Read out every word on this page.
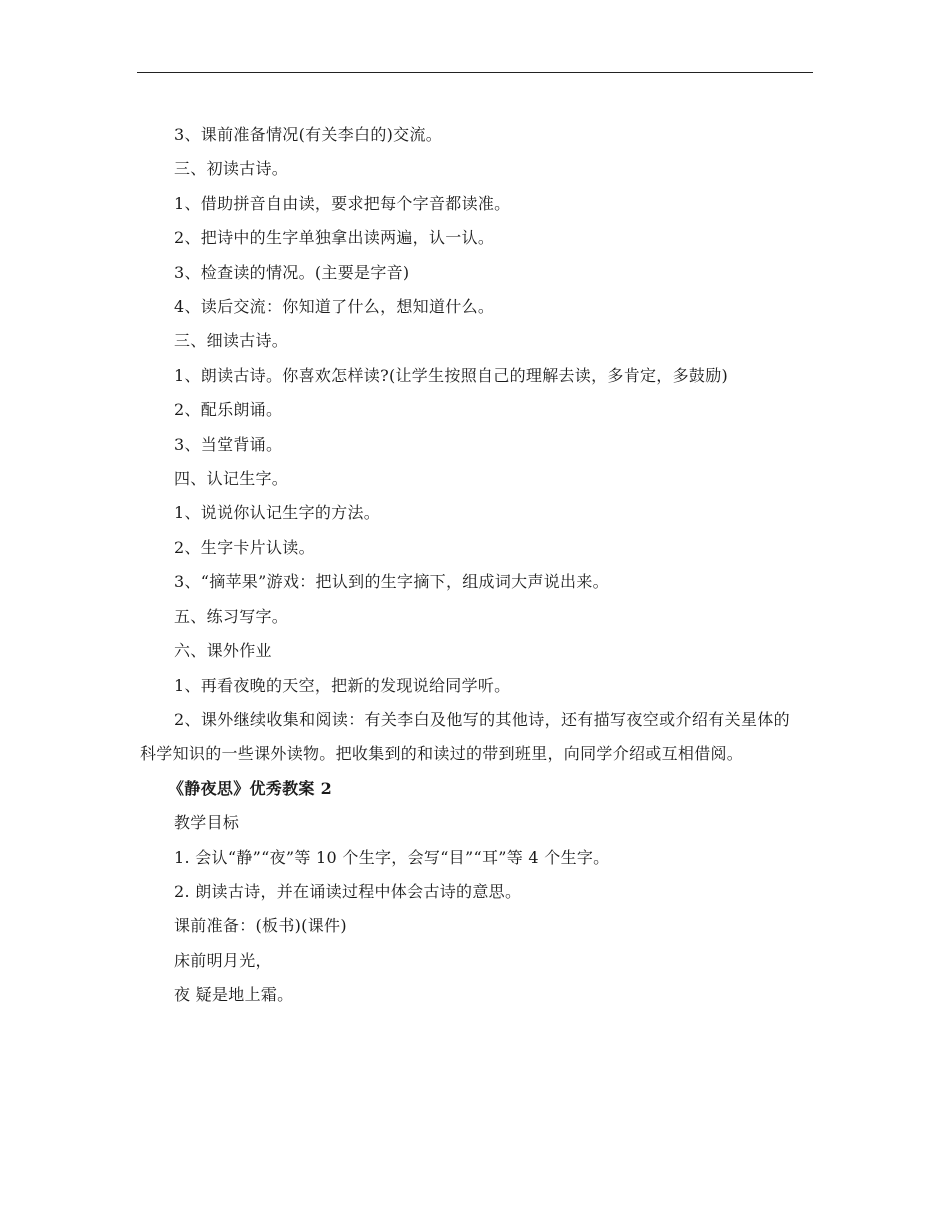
3、课前准备情况(有关李白的)交流。

三、初读古诗。

1、借助拼音自由读，要求把每个字音都读准。

2、把诗中的生字单独拿出读两遍，认一认。

3、检查读的情况。(主要是字音)

4、读后交流：你知道了什么，想知道什么。

三、细读古诗。

1、朗读古诗。你喜欢怎样读?(让学生按照自己的理解去读，多肯定，多鼓励)

2、配乐朗诵。

3、当堂背诵。

四、认记生字。

1、说说你认记生字的方法。

2、生字卡片认读。

3、“摘苹果”游戏：把认到的生字摘下，组成词大声说出来。

五、练习写字。

六、课外作业

1、再看夜晚的天空，把新的发现说给同学听。

2、课外继续收集和阅读：有关李白及他写的其他诗，还有描写夜空或介绍有关星体的科学知识的一些课外读物。把收集到的和读过的带到班里，向同学介绍或互相借阅。

《静夜思》优秀教案 2

教学目标

1. 会认“静”“夜”等 10 个生字，会写“目”“耳”等 4 个生字。

2. 朗读古诗，并在诵读过程中体会古诗的意思。

课前准备：(板书)(课件)

床前明月光，

夜 疑是地上霜。
